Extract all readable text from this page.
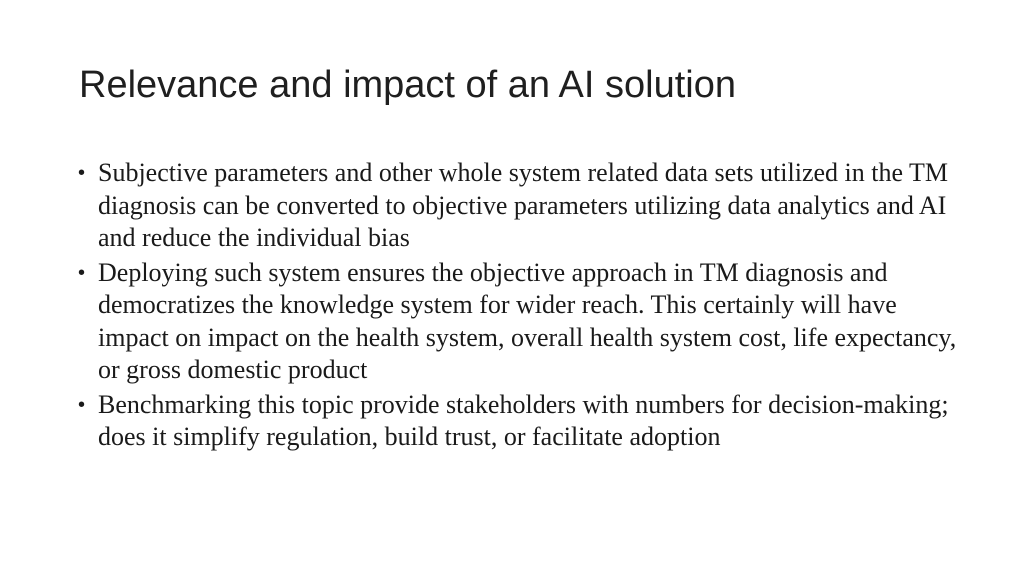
Relevance and impact of an AI solution
• Subjective parameters and other whole system related data sets utilized in the TM diagnosis can be converted to objective parameters utilizing data analytics and AI and reduce the individual bias
• Deploying such system ensures the objective approach in TM diagnosis and democratizes the knowledge system for wider reach. This certainly will have impact on impact on the health system, overall health system cost, life expectancy, or gross domestic product
• Benchmarking this topic provide stakeholders with numbers for decision-making; does it simplify regulation, build trust, or facilitate adoption
